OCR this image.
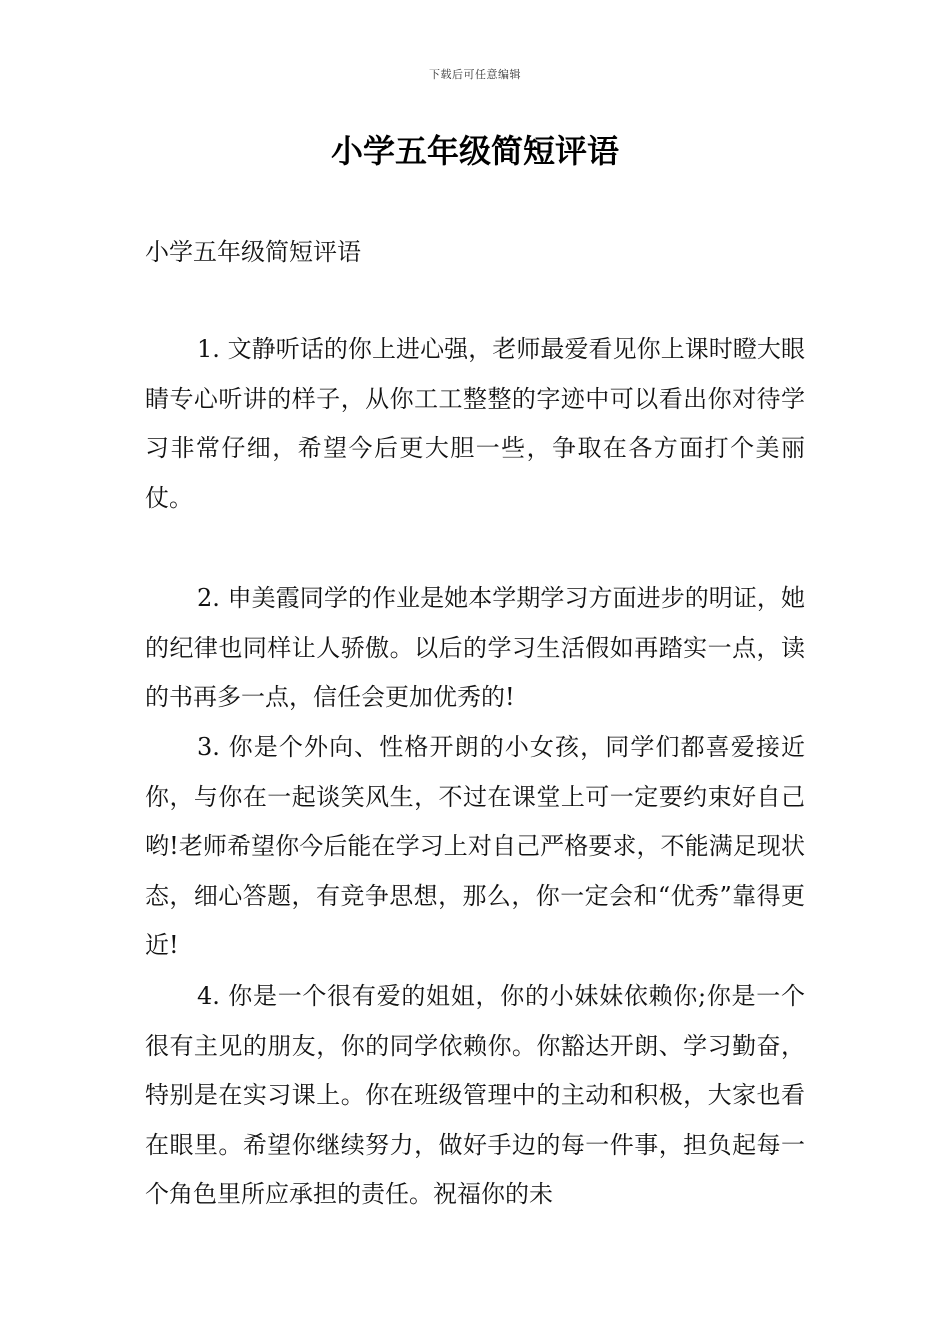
下载后可任意编辑
小学五年级简短评语
小学五年级简短评语

1. 文静听话的你上进心强，老师最爱看见你上课时瞪大眼睛专心听讲的样子，从你工工整整的字迹中可以看出你对待学习非常仔细，希望今后更大胆一些，争取在各方面打个美丽仗。

2. 申美霞同学的作业是她本学期学习方面进步的明证，她的纪律也同样让人骄傲。以后的学习生活假如再踏实一点，读的书再多一点，信任会更加优秀的!

3. 你是个外向、性格开朗的小女孩，同学们都喜爱接近你，与你在一起谈笑风生，不过在课堂上可一定要约束好自己哟!老师希望你今后能在学习上对自己严格要求，不能满足现状态，细心答题，有竞争思想，那么，你一定会和“优秀”靠得更近!

4. 你是一个很有爱的姐姐，你的小妹妹依赖你;你是一个很有主见的朋友，你的同学依赖你。你豁达开朗、学习勤奋，特别是在实习课上。你在班级管理中的主动和积极，大家也看在眼里。希望你继续努力，做好手边的每一件事，担负起每一个角色里所应承担的责任。祝福你的未
